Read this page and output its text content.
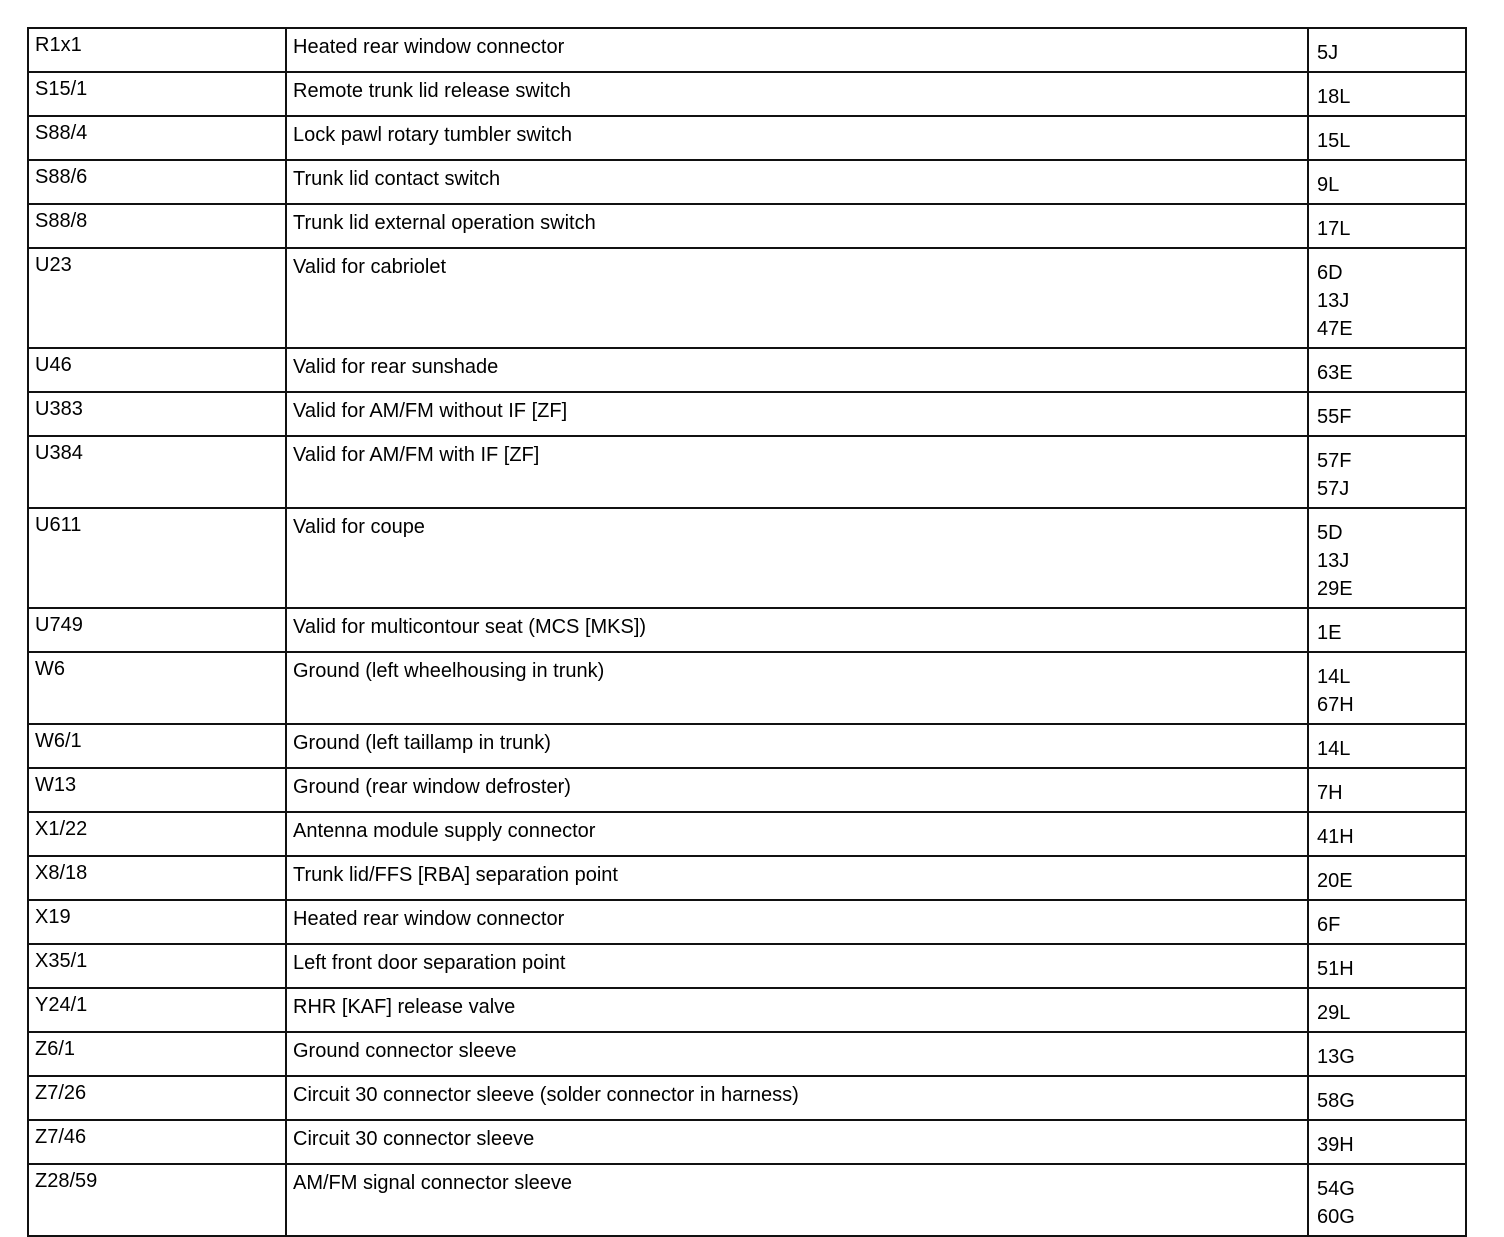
R1x1	Heated rear window connector	5J

S15/1	Remote trunk lid release switch	18L

S88/4	Lock pawl rotary tumbler switch	15L

S88/6	Trunk lid contact switch	9L

S88/8	Trunk lid external operation switch	17L

U23	Valid for cabriolet	6D
13J
47E

U46	Valid for rear sunshade	63E

U383	Valid for AM/FM without IF [ZF]	55F

U384	Valid for AM/FM with IF [ZF]	57F
57J

U611	Valid for coupe	5D
13J
29E

U749	Valid for multicontour seat (MCS [MKS])	1E

W6	Ground (left wheelhousing in trunk)	14L
67H

W6/1	Ground (left taillamp in trunk)	14L

W13	Ground (rear window defroster)	7H

X1/22	Antenna module supply connector	41H

X8/18	Trunk lid/FFS [RBA] separation point	20E

X19	Heated rear window connector	6F

X35/1	Left front door separation point	51H

Y24/1	RHR [KAF] release valve	29L

Z6/1	Ground connector sleeve	13G

Z7/26	Circuit 30 connector sleeve (solder connector in harness)	58G

Z7/46	Circuit 30 connector sleeve	39H

Z28/59	AM/FM signal connector sleeve	54G
60G
